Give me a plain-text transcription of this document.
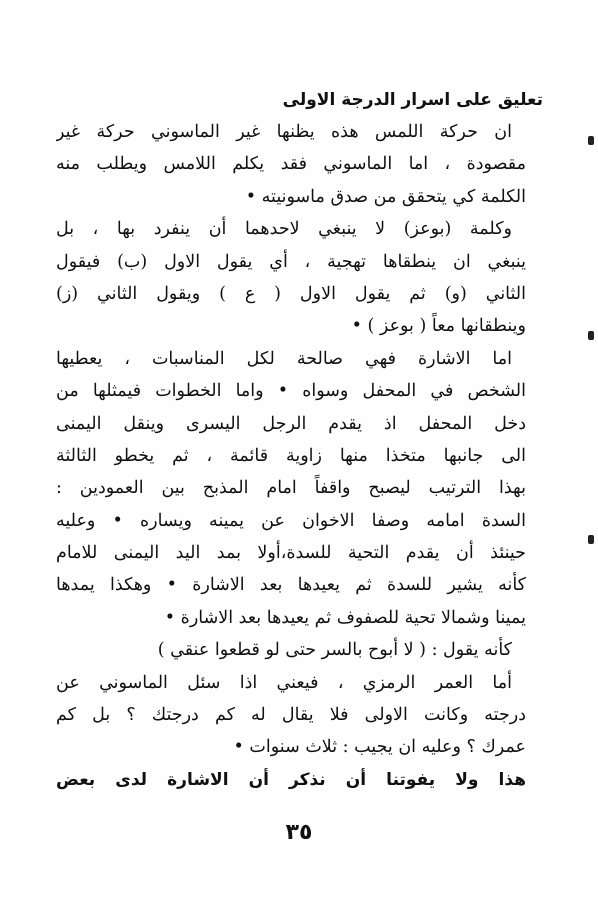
تعليق على اسرار الدرجة الاولى
ان حركة اللمس هذه يظنها غير الماسوني حركة غير
مقصودة ، اما الماسوني فقد يكلم اللامس ويطلب منه
الكلمة كي يتحقق من صدق ماسونيته •
وكلمة (بوعز) لا ينبغي لاحدهما أن ينفرد بها ، بل
ينبغي ان ينطقاها تهجية ، أي يقول الاول (ب) فيقول
الثاني (و) ثم يقول الاول ( ع ) ويقول الثاني (ز)
وينطقانها معاً ( بوعز ) •
اما الاشارة فهي صالحة لكل المناسبات ، يعطيها
الشخص في المحفل وسواه • واما الخطوات فيمثلها من
دخل المحفل اذ يقدم الرجل اليسرى وينقل اليمنى
الى جانبها متخذا منها زاوية قائمة ، ثم يخطو الثالثة
بهذا الترتيب ليصبح واقفاً امام المذبح بين العمودين :
السدة امامه وصفا الاخوان عن يمينه ويساره • وعليه
حينئذ أن يقدم التحية للسدة،أولا بمد اليد اليمنى للامام
كأنه يشير للسدة ثم يعيدها بعد الاشارة • وهكذا يمدها
يمينا وشمالا تحية للصفوف ثم يعيدها بعد الاشارة •
كأنه يقول : ( لا أبوح بالسر حتى لو قطعوا عنقي )
أما العمر الرمزي ، فيعني اذا سئل الماسوني عن
درجته وكانت الاولى فلا يقال له كم درجتك ؟ بل كم
عمرك ؟ وعليه ان يجيب : ثلاث سنوات •
هذا ولا يفوتنا أن نذكر أن الاشارة لدى بعض
٣٥
